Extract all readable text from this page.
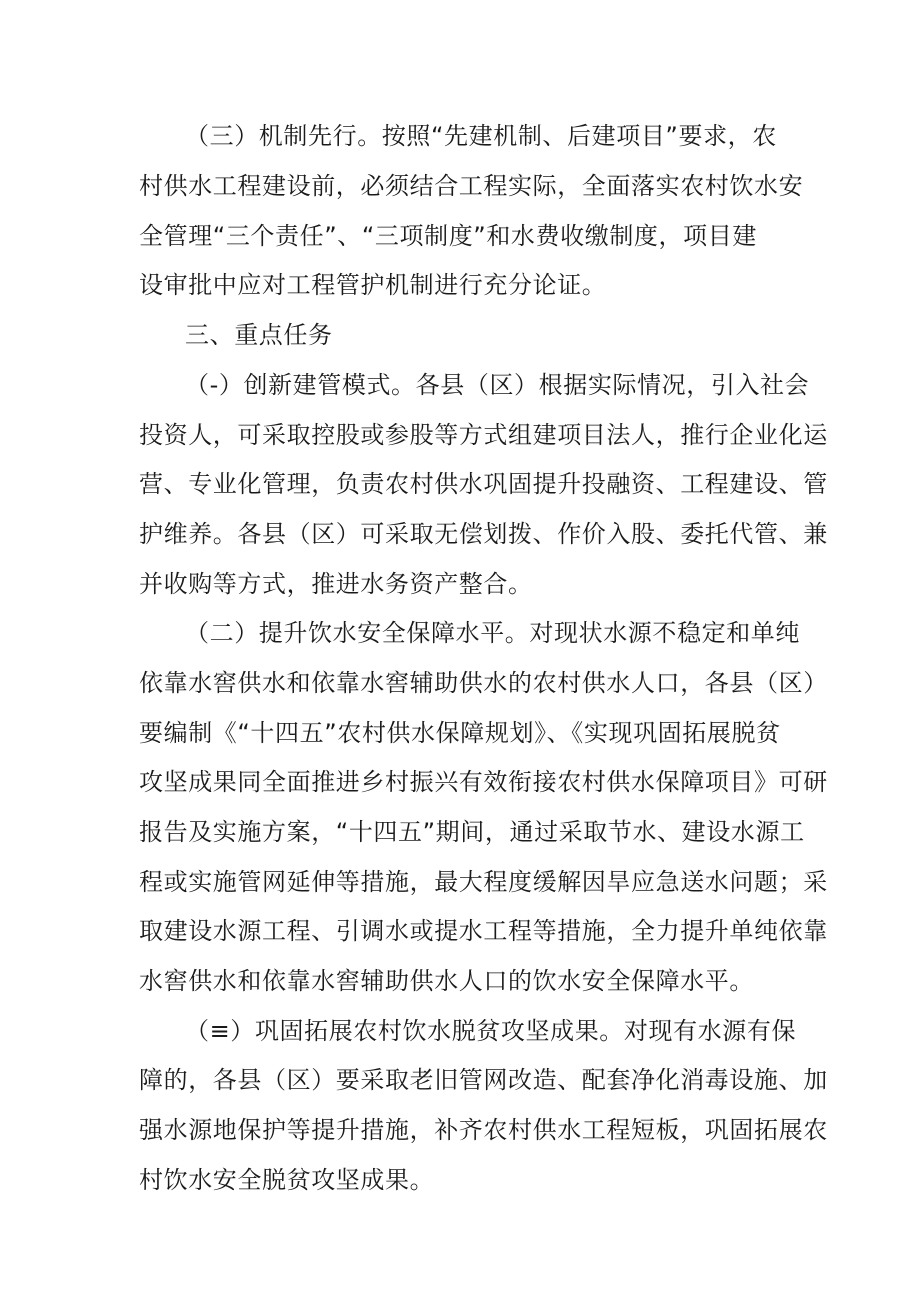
（三）机制先行。按照“先建机制、后建项目”要求，农
村供水工程建设前，必须结合工程实际，全面落实农村饮水安
全管理“三个责任”、“三项制度”和水费收缴制度，项目建
设审批中应对工程管护机制进行充分论证。
三、重点任务
（-）创新建管模式。各县（区）根据实际情况，引入社会
投资人，可采取控股或参股等方式组建项目法人，推行企业化运
营、专业化管理，负责农村供水巩固提升投融资、工程建设、管
护维养。各县（区）可采取无偿划拨、作价入股、委托代管、兼
并收购等方式，推进水务资产整合。
（二）提升饮水安全保障水平。对现状水源不稳定和单纯
依靠水窖供水和依靠水窖辅助供水的农村供水人口，各县（区）
要编制《“十四五”农村供水保障规划》、《实现巩固拓展脱贫
攻坚成果同全面推进乡村振兴有效衔接农村供水保障项目》可研
报告及实施方案，“十四五”期间，通过采取节水、建设水源工
程或实施管网延伸等措施，最大程度缓解因旱应急送水问题；采
取建设水源工程、引调水或提水工程等措施，全力提升单纯依靠
水窖供水和依靠水窖辅助供水人口的饮水安全保障水平。
（≡）巩固拓展农村饮水脱贫攻坚成果。对现有水源有保
障的，各县（区）要采取老旧管网改造、配套净化消毒设施、加
强水源地保护等提升措施，补齐农村供水工程短板，巩固拓展农
村饮水安全脱贫攻坚成果。
